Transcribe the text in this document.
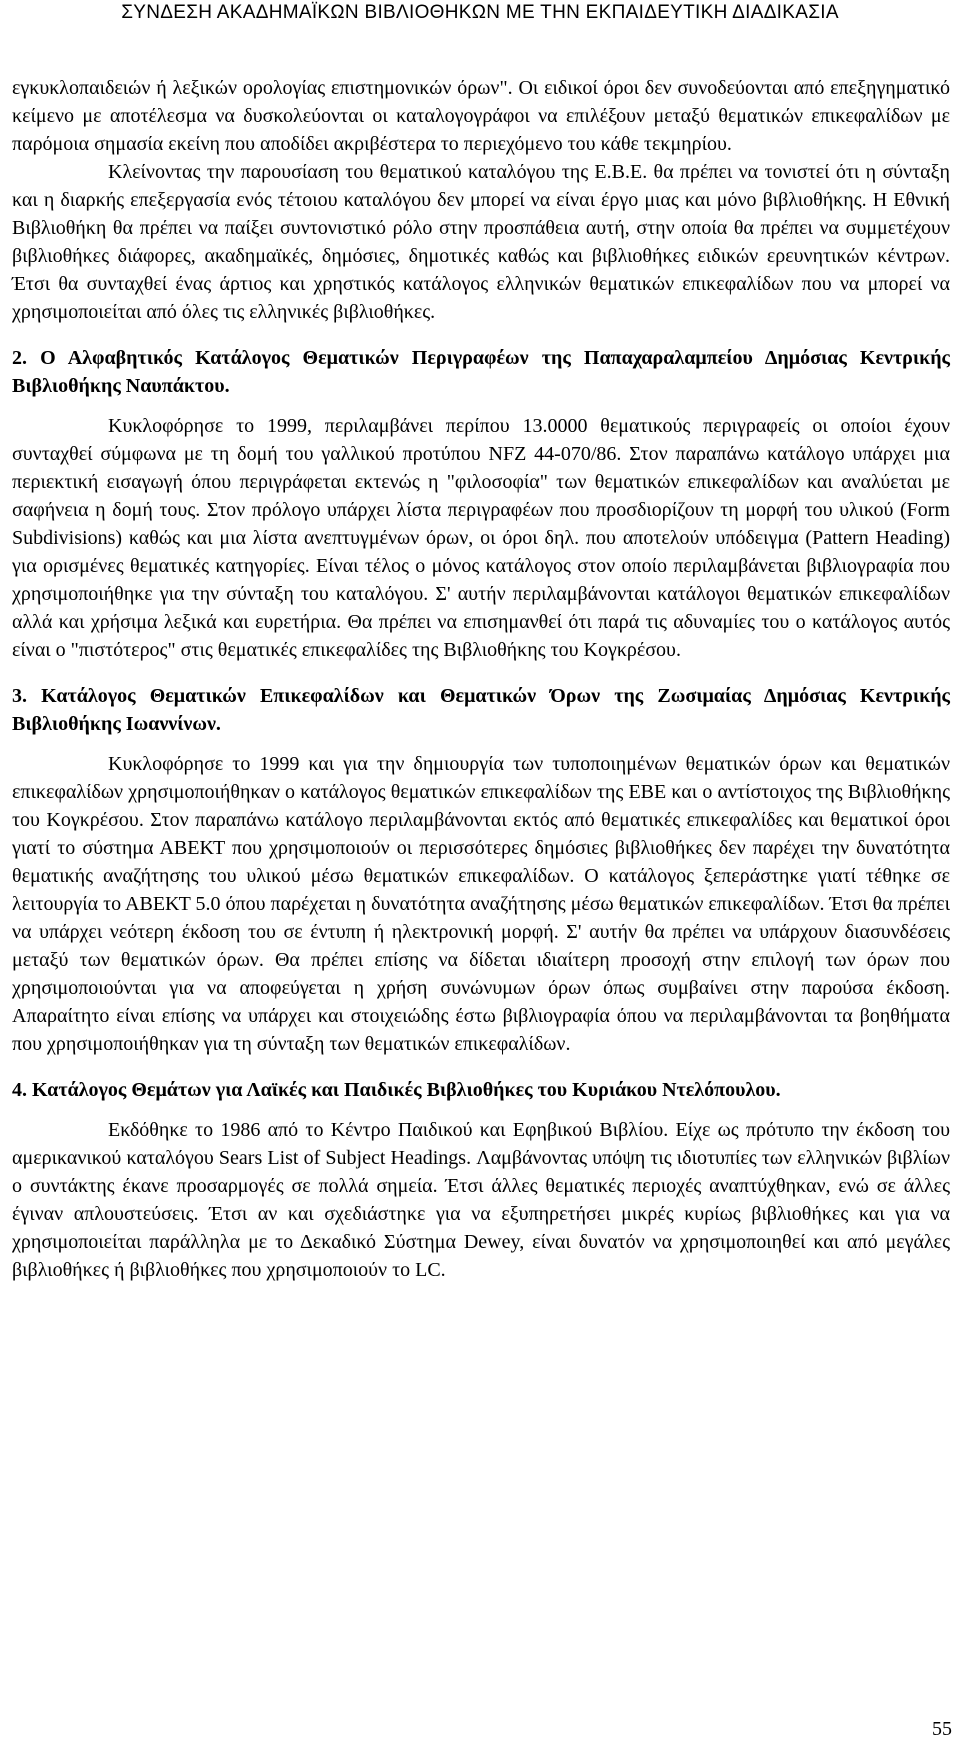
ΣΥΝΔΕΣΗ ΑΚΑΔΗΜΑΪΚΩΝ ΒΙΒΛΙΟΘΗΚΩΝ ΜΕ ΤΗΝ ΕΚΠΑΙΔΕΥΤΙΚΗ ΔΙΑΔΙΚΑΣΙΑ

εγκυκλοπαιδειών ή λεξικών ορολογίας επιστημονικών όρων". Οι ειδικοί όροι δεν συνοδεύονται από επεξηγηματικό κείμενο με αποτέλεσμα να δυσκολεύονται οι καταλογογράφοι να επιλέξουν μεταξύ θεματικών επικεφαλίδων με παρόμοια σημασία εκείνη που αποδίδει ακριβέστερα το περιεχόμενο του κάθε τεκμηρίου.

Κλείνοντας την παρουσίαση του θεματικού καταλόγου της Ε.Β.Ε. θα πρέπει να τονιστεί ότι η σύνταξη και η διαρκής επεξεργασία ενός τέτοιου καταλόγου δεν μπορεί να είναι έργο μιας και μόνο βιβλιοθήκης. Η Εθνική Βιβλιοθήκη θα πρέπει να παίξει συντονιστικό ρόλο στην προσπάθεια αυτή, στην οποία θα πρέπει να συμμετέχουν βιβλιοθήκες διάφορες, ακαδημαϊκές, δημόσιες, δημοτικές καθώς και βιβλιοθήκες ειδικών ερευνητικών κέντρων. Έτσι θα συνταχθεί ένας άρτιος και χρηστικός κατάλογος ελληνικών θεματικών επικεφαλίδων που να μπορεί να χρησιμοποιείται από όλες τις ελληνικές βιβλιοθήκες.

2. Ο Αλφαβητικός Κατάλογος Θεματικών Περιγραφέων της Παπαχαραλαμπείου Δημόσιας Κεντρικής Βιβλιοθήκης Ναυπάκτου.

Κυκλοφόρησε το 1999, περιλαμβάνει περίπου 13.0000 θεματικούς περιγραφείς οι οποίοι έχουν συνταχθεί σύμφωνα με τη δομή του γαλλικού προτύπου NFZ 44-070/86. Στον παραπάνω κατάλογο υπάρχει μια περιεκτική εισαγωγή όπου περιγράφεται εκτενώς η "φιλοσοφία" των θεματικών επικεφαλίδων και αναλύεται με σαφήνεια η δομή τους. Στον πρόλογο υπάρχει λίστα περιγραφέων που προσδιορίζουν τη μορφή του υλικού (Form Subdivisions) καθώς και μια λίστα ανεπτυγμένων όρων, οι όροι δηλ. που αποτελούν υπόδειγμα (Pattern Heading) για ορισμένες θεματικές κατηγορίες. Είναι τέλος ο μόνος κατάλογος στον οποίο περιλαμβάνεται βιβλιογραφία που χρησιμοποιήθηκε για την σύνταξη του καταλόγου. Σ' αυτήν περιλαμβάνονται κατάλογοι θεματικών επικεφαλίδων αλλά και χρήσιμα λεξικά και ευρετήρια. Θα πρέπει να επισημανθεί ότι παρά τις αδυναμίες του ο κατάλογος αυτός είναι ο "πιστότερος" στις θεματικές επικεφαλίδες της Βιβλιοθήκης του Κογκρέσου.

3. Κατάλογος Θεματικών Επικεφαλίδων και Θεματικών Όρων της Ζωσιμαίας Δημόσιας Κεντρικής Βιβλιοθήκης Ιωαννίνων.

Κυκλοφόρησε το 1999 και για την δημιουργία των τυποποιημένων θεματικών όρων και θεματικών επικεφαλίδων χρησιμοποιήθηκαν ο κατάλογος θεματικών επικεφαλίδων της ΕΒΕ και ο αντίστοιχος της Βιβλιοθήκης του Κογκρέσου. Στον παραπάνω κατάλογο περιλαμβάνονται εκτός από θεματικές επικεφαλίδες και θεματικοί όροι γιατί το σύστημα ΑΒΕΚΤ που χρησιμοποιούν οι περισσότερες δημόσιες βιβλιοθήκες δεν παρέχει την δυνατότητα θεματικής αναζήτησης του υλικού μέσω θεματικών επικεφαλίδων. Ο κατάλογος ξεπεράστηκε γιατί τέθηκε σε λειτουργία το ΑΒΕΚΤ 5.0 όπου παρέχεται η δυνατότητα αναζήτησης μέσω θεματικών επικεφαλίδων. Έτσι θα πρέπει να υπάρχει νεότερη έκδοση του σε έντυπη ή ηλεκτρονική μορφή. Σ' αυτήν θα πρέπει να υπάρχουν διασυνδέσεις μεταξύ των θεματικών όρων. Θα πρέπει επίσης να δίδεται ιδιαίτερη προσοχή στην επιλογή των όρων που χρησιμοποιούνται για να αποφεύγεται η χρήση συνώνυμων όρων όπως συμβαίνει στην παρούσα έκδοση. Απαραίτητο είναι επίσης να υπάρχει και στοιχειώδης έστω βιβλιογραφία όπου να περιλαμβάνονται τα βοηθήματα που χρησιμοποιήθηκαν για τη σύνταξη των θεματικών επικεφαλίδων.

4. Κατάλογος Θεμάτων για Λαϊκές και Παιδικές Βιβλιοθήκες του Κυριάκου Ντελόπουλου.

Εκδόθηκε το 1986 από το Κέντρο Παιδικού και Εφηβικού Βιβλίου. Είχε ως πρότυπο την έκδοση του αμερικανικού καταλόγου Sears List of Subject Headings. Λαμβάνοντας υπόψη τις ιδιοτυπίες των ελληνικών βιβλίων ο συντάκτης έκανε προσαρμογές σε πολλά σημεία. Έτσι άλλες θεματικές περιοχές αναπτύχθηκαν, ενώ σε άλλες έγιναν απλουστεύσεις. Έτσι αν και σχεδιάστηκε για να εξυπηρετήσει μικρές κυρίως βιβλιοθήκες και για να χρησιμοποιείται παράλληλα με το Δεκαδικό Σύστημα Dewey, είναι δυνατόν να χρησιμοποιηθεί και από μεγάλες βιβλιοθήκες ή βιβλιοθήκες που χρησιμοποιούν το LC.

55
